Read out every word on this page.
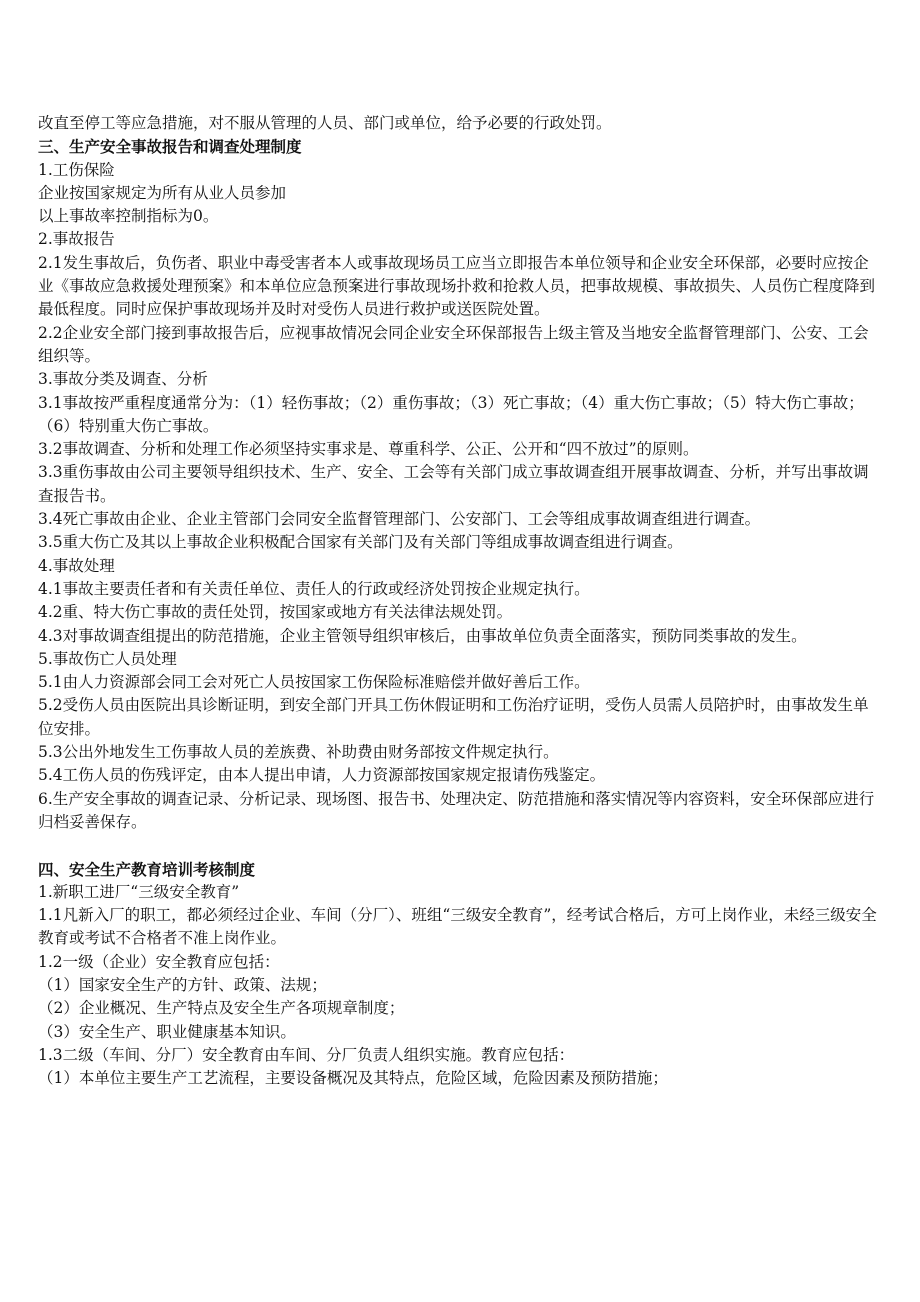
改直至停工等应急措施，对不服从管理的人员、部门或单位，给予必要的行政处罚。

三、生产安全事故报告和调查处理制度

1.工伤保险

企业按国家规定为所有从业人员参加

以上事故率控制指标为0。

2.事故报告

2.1发生事故后，负伤者、职业中毒受害者本人或事故现场员工应当立即报告本单位领导和企业安全环保部，必要时应按企业《事故应急救援处理预案》和本单位应急预案进行事故现场扑救和抢救人员，把事故规模、事故损失、人员伤亡程度降到最低程度。同时应保护事故现场并及时对受伤人员进行救护或送医院处置。

2.2企业安全部门接到事故报告后，应视事故情况会同企业安全环保部报告上级主管及当地安全监督管理部门、公安、工会组织等。

3.事故分类及调查、分析

3.1事故按严重程度通常分为：（1）轻伤事故；（2）重伤事故；（3）死亡事故；（4）重大伤亡事故；（5）特大伤亡事故；（6）特别重大伤亡事故。

3.2事故调查、分析和处理工作必须坚持实事求是、尊重科学、公正、公开和“四不放过”的原则。

3.3重伤事故由公司主要领导组织技术、生产、安全、工会等有关部门成立事故调查组开展事故调查、分析，并写出事故调查报告书。

3.4死亡事故由企业、企业主管部门会同安全监督管理部门、公安部门、工会等组成事故调查组进行调查。

3.5重大伤亡及其以上事故企业积极配合国家有关部门及有关部门等组成事故调查组进行调查。

4.事故处理

4.1事故主要责任者和有关责任单位、责任人的行政或经济处罚按企业规定执行。

4.2重、特大伤亡事故的责任处罚，按国家或地方有关法律法规处罚。

4.3对事故调查组提出的防范措施，企业主管领导组织审核后，由事故单位负责全面落实，预防同类事故的发生。

5.事故伤亡人员处理

5.1由人力资源部会同工会对死亡人员按国家工伤保险标准赔偿并做好善后工作。

5.2受伤人员由医院出具诊断证明，到安全部门开具工伤休假证明和工伤治疗证明，受伤人员需人员陪护时，由事故发生单位安排。

5.3公出外地发生工伤事故人员的差族费、补助费由财务部按文件规定执行。

5.4工伤人员的伤残评定，由本人提出申请，人力资源部按国家规定报请伤残鉴定。

6.生产安全事故的调查记录、分析记录、现场图、报告书、处理决定、防范措施和落实情况等内容资料，安全环保部应进行归档妥善保存。

四、安全生产教育培训考核制度

1.新职工进厂“三级安全教育”

1.1凡新入厂的职工，都必须经过企业、车间（分厂）、班组“三级安全教育”，经考试合格后，方可上岗作业，未经三级安全教育或考试不合格者不准上岗作业。

1.2一级（企业）安全教育应包括：

（1）国家安全生产的方针、政策、法规；

（2）企业概况、生产特点及安全生产各项规章制度；

（3）安全生产、职业健康基本知识。

1.3二级（车间、分厂）安全教育由车间、分厂负责人组织实施。教育应包括：

（1）本单位主要生产工艺流程，主要设备概况及其特点，危险区域，危险因素及预防措施；
